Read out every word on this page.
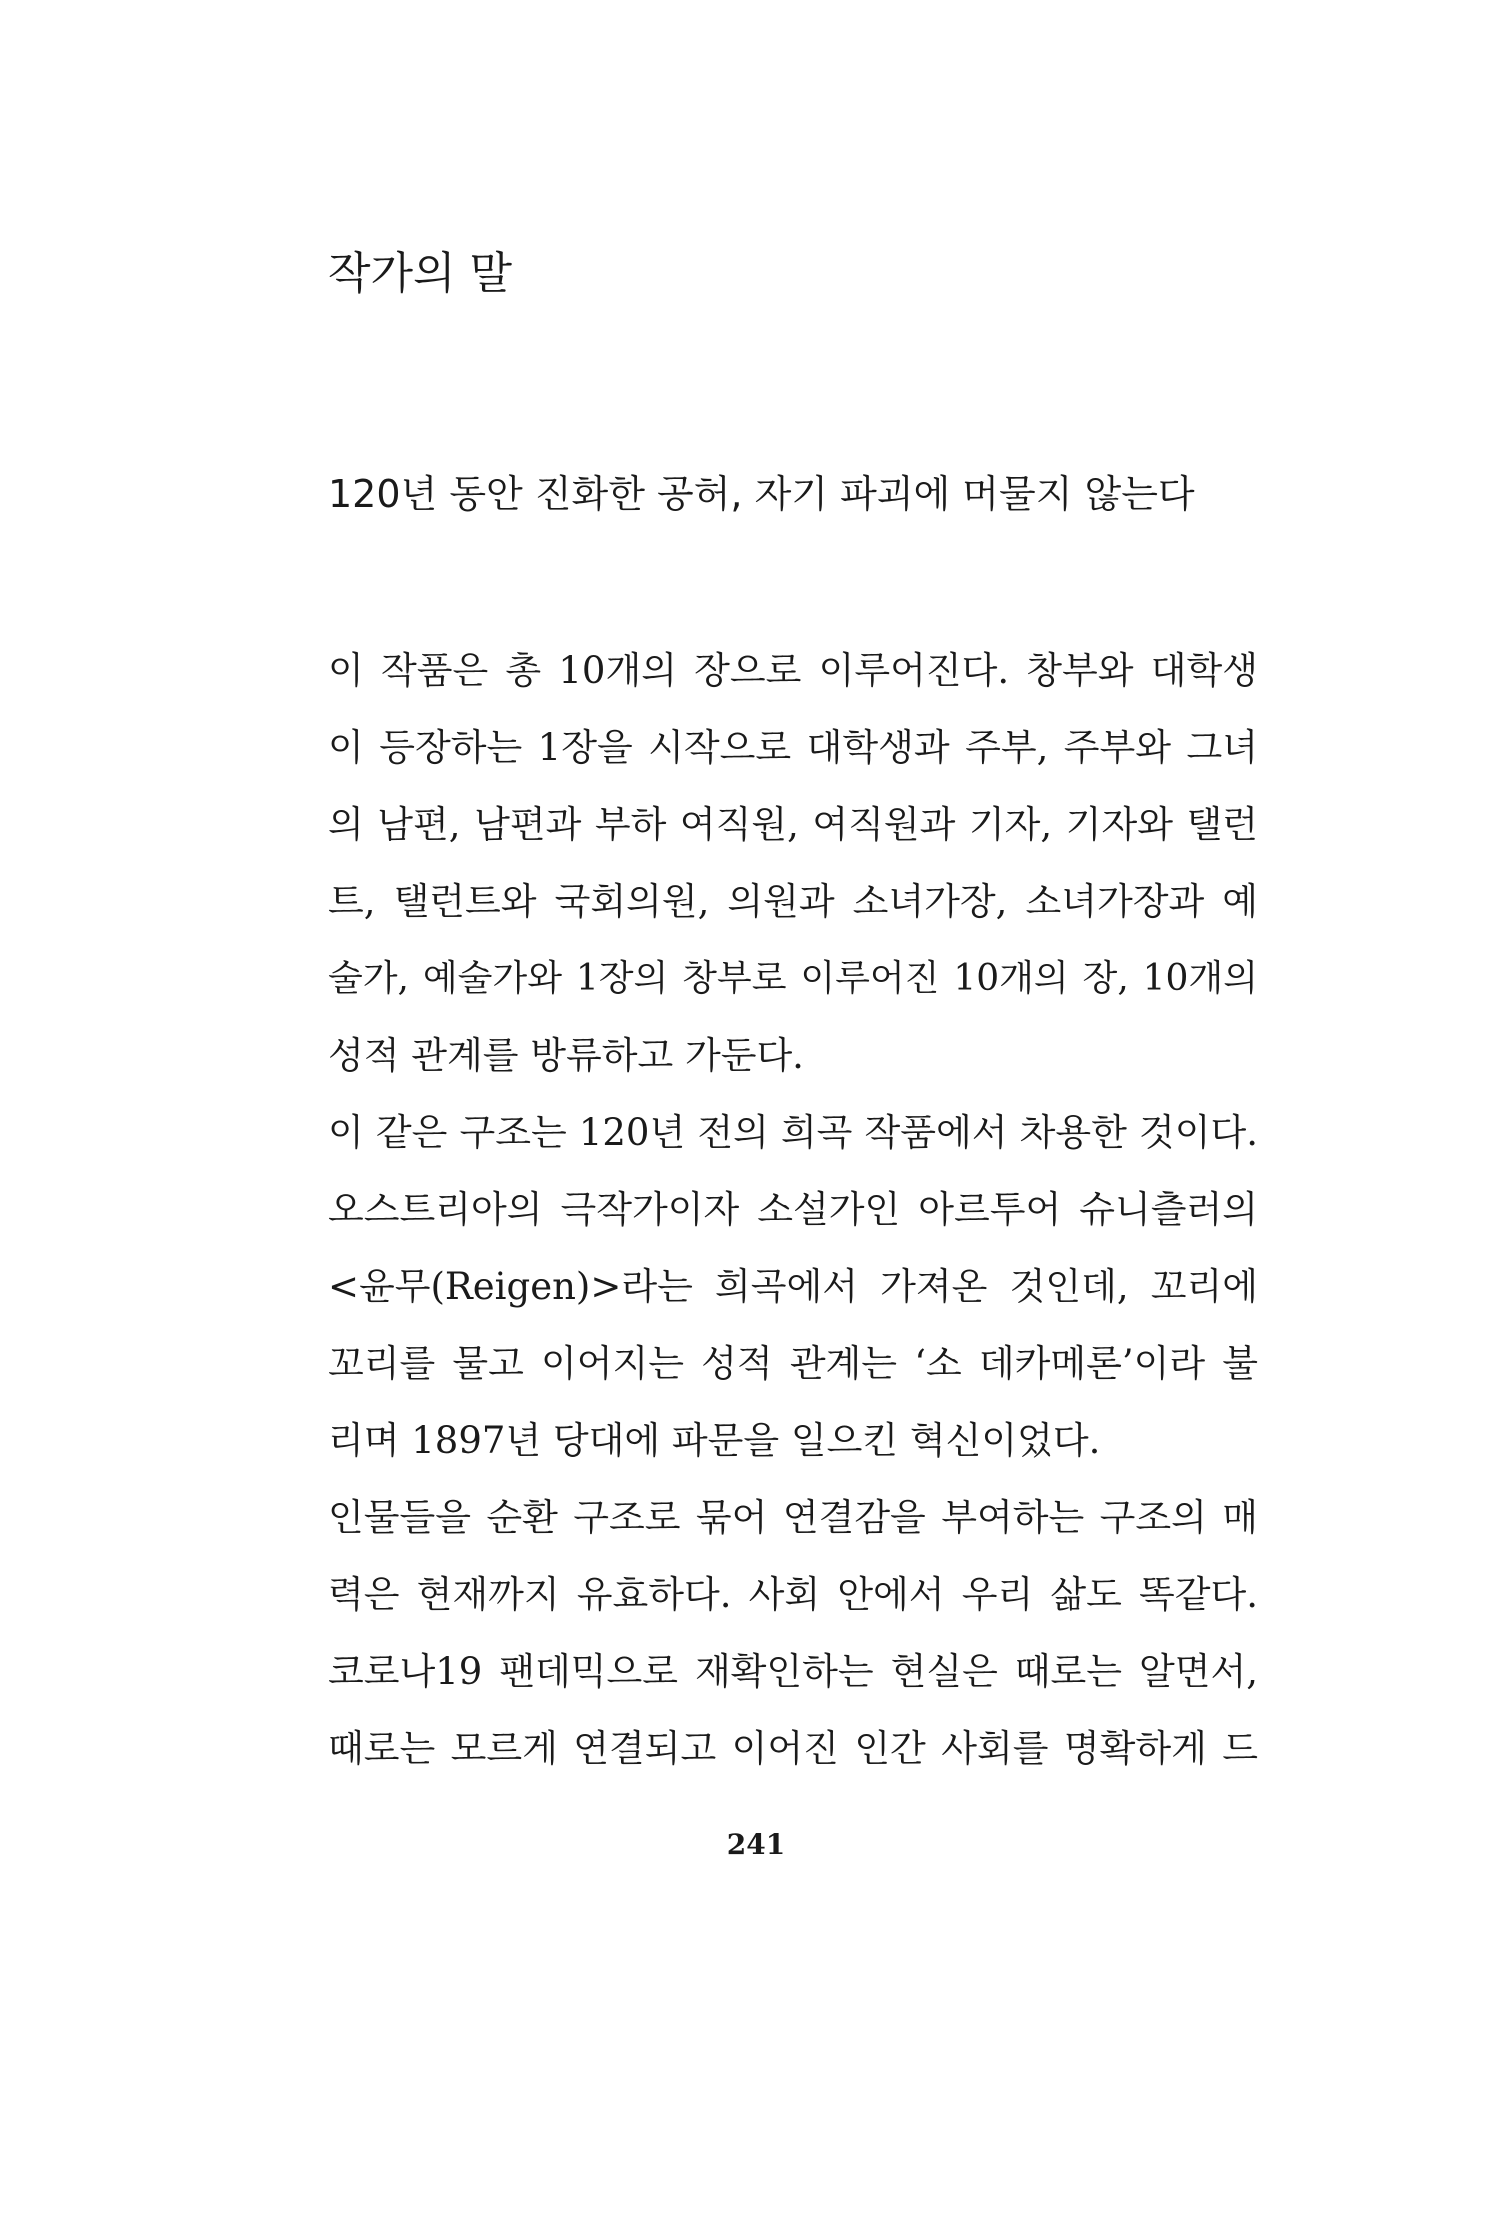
작가의 말
120년 동안 진화한 공허, 자기 파괴에 머물지 않는다
이 작품은 총 10개의 장으로 이루어진다. 창부와 대학생
이 등장하는 1장을 시작으로 대학생과 주부, 주부와 그녀
의 남편, 남편과 부하 여직원, 여직원과 기자, 기자와 탤런
트, 탤런트와 국회의원, 의원과 소녀가장, 소녀가장과 예
술가, 예술가와 1장의 창부로 이루어진 10개의 장, 10개의
성적 관계를 방류하고 가둔다.
이 같은 구조는 120년 전의 희곡 작품에서 차용한 것이다.
오스트리아의 극작가이자 소설가인 아르투어 슈니츨러의
<윤무(Reigen)>라는 희곡에서 가져온 것인데, 꼬리에
꼬리를 물고 이어지는 성적 관계는 ‘소 데카메론’이라 불
리며 1897년 당대에 파문을 일으킨 혁신이었다.
인물들을 순환 구조로 묶어 연결감을 부여하는 구조의 매
력은 현재까지 유효하다. 사회 안에서 우리 삶도 똑같다.
코로나19 팬데믹으로 재확인하는 현실은 때로는 알면서,
때로는 모르게 연결되고 이어진 인간 사회를 명확하게 드
241
